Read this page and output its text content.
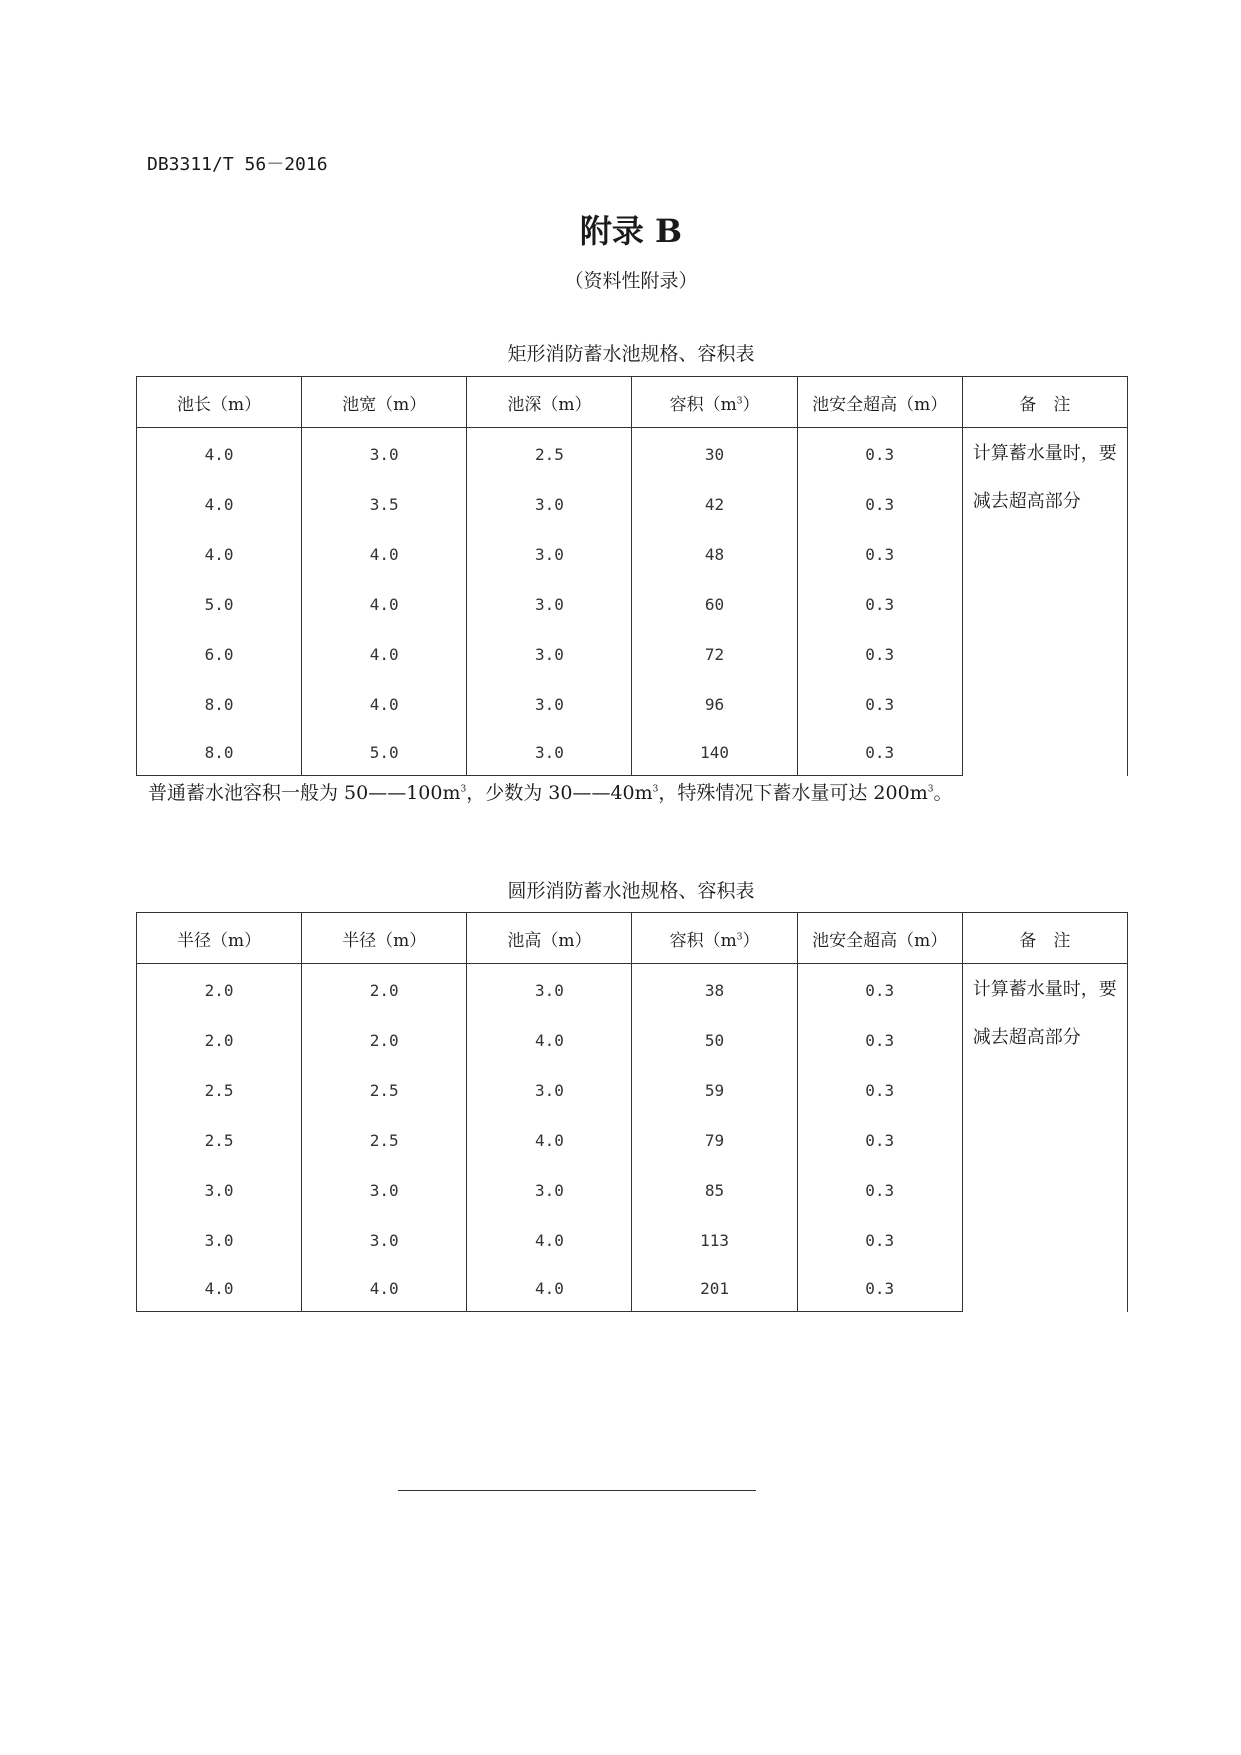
DB3311/T 56－2016
附录 B
（资料性附录）
矩形消防蓄水池规格、容积表
池长（m）	池宽（m）	池深（m）	容积$(m^3)$	池安全超高（m）	备　注
4.0	3.0	2.5	30	0.3	计算蓄水量时，要
减去超高部分

4.0	3.5	3.0	42	0.3	
4.0	4.0	3.0	48	0.3	
5.0	4.0	3.0	60	0.3	
6.0	4.0	3.0	72	0.3	
8.0	4.0	3.0	96	0.3	
8.0	5.0	3.0	140	0.3	
普通蓄水池容积一般为 $50——100m^3$，少数为 $30——40m^3$，特殊情况下蓄水量可达 $200m^3$。
圆形消防蓄水池规格、容积表
半径（m）	半径（m）	池高（m）	容积$(m^3)$	池安全超高（m）	备　注
2.0	2.0	3.0	38	0.3	计算蓄水量时，要
减去超高部分

2.0	2.0	4.0	50	0.3	
2.5	2.5	3.0	59	0.3	
2.5	2.5	4.0	79	0.3	
3.0	3.0	3.0	85	0.3	
3.0	3.0	4.0	113	0.3	
4.0	4.0	4.0	201	0.3	
